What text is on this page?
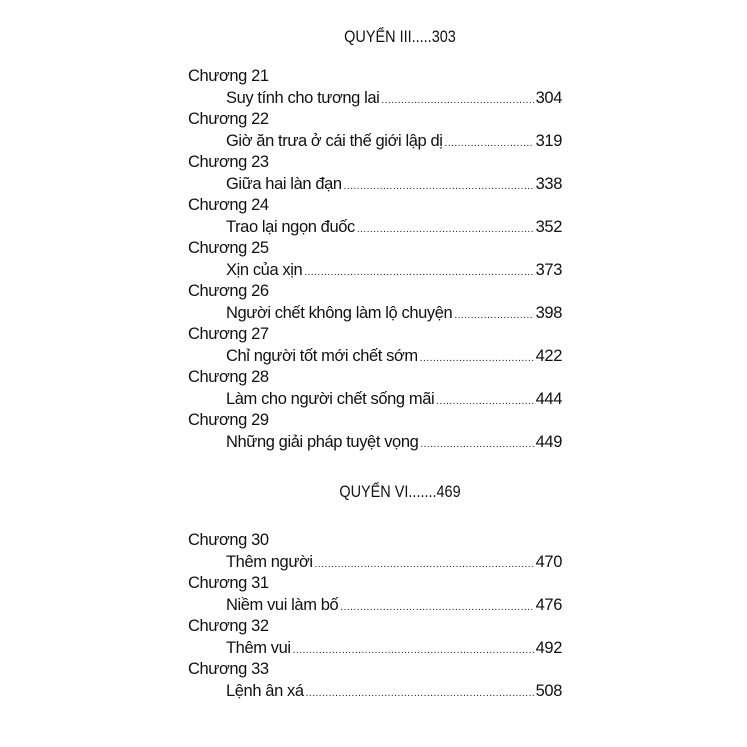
QUYỂN III.....303
Chương 21
Suy tính cho tương lai .....	304
Chương 22
Giờ ăn trưa ở cái thế giới lập dị .....	319
Chương 23
Giữa hai làn đạn .....	338
Chương 24
Trao lại ngọn đuốc .....	352
Chương 25
Xịn của xịn .....	373
Chương 26
Người chết không làm lộ chuyện .....	398
Chương 27
Chỉ người tốt mới chết sớm .....	422
Chương 28
Làm cho người chết sống mãi .....	444
Chương 29
Những giải pháp tuyệt vọng .....	449
QUYỂN VI.......469
Chương 30
Thêm người .....	470
Chương 31
Niềm vui làm bố .....	476
Chương 32
Thêm vui .....	492
Chương 33
Lệnh ân xá .....	508
